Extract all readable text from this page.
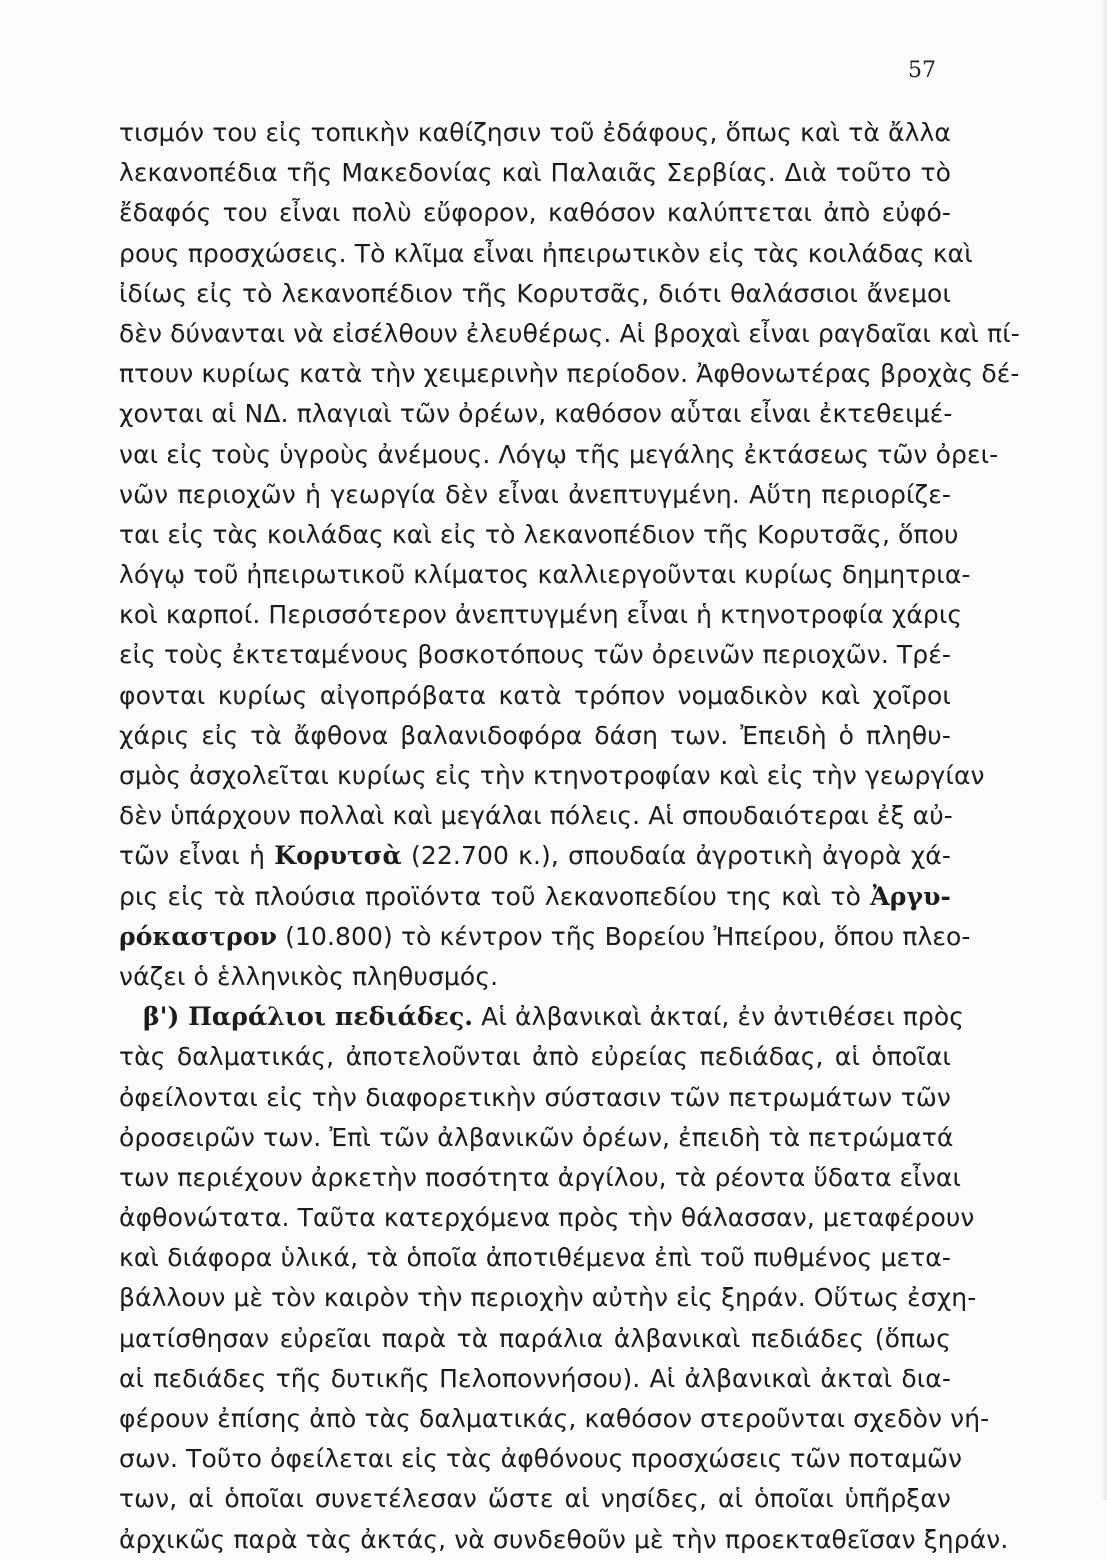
57
τισμόν του εἰς τοπικὴν καθίζησιν τοῦ ἐδάφους, ὅπως καὶ τὰ ἄλλα
λεκανοπέδια τῆς Μακεδονίας καὶ Παλαιᾶς Σερβίας. Διὰ τοῦτο τὸ
ἔδαφός του εἶναι πολὺ εὔφορον, καθόσον καλύπτεται ἀπὸ εὐφό-
ρους προσχώσεις. Τὸ κλῖμα εἶναι ἠπειρωτικὸν εἰς τὰς κοιλάδας καὶ
ἰδίως εἰς τὸ λεκανοπέδιον τῆς Κορυτσᾶς, διότι θαλάσσιοι ἄνεμοι
δὲν δύνανται νὰ εἰσέλθουν ἐλευθέρως. Αἱ βροχαὶ εἶναι ραγδαῖαι καὶ πί-
πτουν κυρίως κατὰ τὴν χειμερινὴν περίοδον. Ἀφθονωτέρας βροχὰς δέ-
χονται αἱ ΝΔ. πλαγιαὶ τῶν ὀρέων, καθόσον αὗται εἶναι ἐκτεθειμέ-
ναι εἰς τοὺς ὑγροὺς ἀνέμους. Λόγῳ τῆς μεγάλης ἐκτάσεως τῶν ὀρει-
νῶν περιοχῶν ἡ γεωργία δὲν εἶναι ἀνεπτυγμένη. Αὕτη περιορίζε-
ται εἰς τὰς κοιλάδας καὶ εἰς τὸ λεκανοπέδιον τῆς Κορυτσᾶς, ὅπου
λόγῳ τοῦ ἠπειρωτικοῦ κλίματος καλλιεργοῦνται κυρίως δημητρια-
κοὶ καρποί. Περισσότερον ἀνεπτυγμένη εἶναι ἡ κτηνοτροφία χάρις
εἰς τοὺς ἐκτεταμένους βοσκοτόπους τῶν ὀρεινῶν περιοχῶν. Τρέ-
φονται κυρίως αἰγοπρόβατα κατὰ τρόπον νομαδικὸν καὶ χοῖροι
χάρις εἰς τὰ ἄφθονα βαλανιδοφόρα δάση των. Ἐπειδὴ ὁ πληθυ-
σμὸς ἀσχολεῖται κυρίως εἰς τὴν κτηνοτροφίαν καὶ εἰς τὴν γεωργίαν
δὲν ὑπάρχουν πολλαὶ καὶ μεγάλαι πόλεις. Αἱ σπουδαιότεραι ἐξ αὐ-
τῶν εἶναι ἡ Κορυτσὰ (22.700 κ.), σπουδαία ἀγροτικὴ ἀγορὰ χά-
ρις εἰς τὰ πλούσια προϊόντα τοῦ λεκανοπεδίου της καὶ τὸ Ἀργυ-
ρόκαστρον (10.800) τὸ κέντρον τῆς Βορείου Ἠπείρου, ὅπου πλεο-
νάζει ὁ ἑλληνικὸς πληθυσμός.
β') Παράλιοι πεδιάδες. Αἱ ἀλβανικαὶ ἀκταί, ἐν ἀντιθέσει πρὸς
τὰς δαλματικάς, ἀποτελοῦνται ἀπὸ εὐρείας πεδιάδας, αἱ ὁποῖαι
ὀφείλονται εἰς τὴν διαφορετικὴν σύστασιν τῶν πετρωμάτων τῶν
ὀροσειρῶν των. Ἐπὶ τῶν ἀλβανικῶν ὀρέων, ἐπειδὴ τὰ πετρώματά
των περιέχουν ἀρκετὴν ποσότητα ἀργίλου, τὰ ρέοντα ὕδατα εἶναι
ἀφθονώτατα. Ταῦτα κατερχόμενα πρὸς τὴν θάλασσαν, μεταφέρουν
καὶ διάφορα ὑλικά, τὰ ὁποῖα ἀποτιθέμενα ἐπὶ τοῦ πυθμένος μετα-
βάλλουν μὲ τὸν καιρὸν τὴν περιοχὴν αὐτὴν εἰς ξηράν. Οὕτως ἐσχη-
ματίσθησαν εὐρεῖαι παρὰ τὰ παράλια ἀλβανικαὶ πεδιάδες (ὅπως
αἱ πεδιάδες τῆς δυτικῆς Πελοποννήσου). Αἱ ἀλβανικαὶ ἀκταὶ δια-
φέρουν ἐπίσης ἀπὸ τὰς δαλματικάς, καθόσον στεροῦνται σχεδὸν νή-
σων. Τοῦτο ὀφείλεται εἰς τὰς ἀφθόνους προσχώσεις τῶν ποταμῶν
των, αἱ ὁποῖαι συνετέλεσαν ὥστε αἱ νησίδες, αἱ ὁποῖαι ὑπῆρξαν
ἀρχικῶς παρὰ τὰς ἀκτάς, νὰ συνδεθοῦν μὲ τὴν προεκταθεῖσαν ξηράν.
